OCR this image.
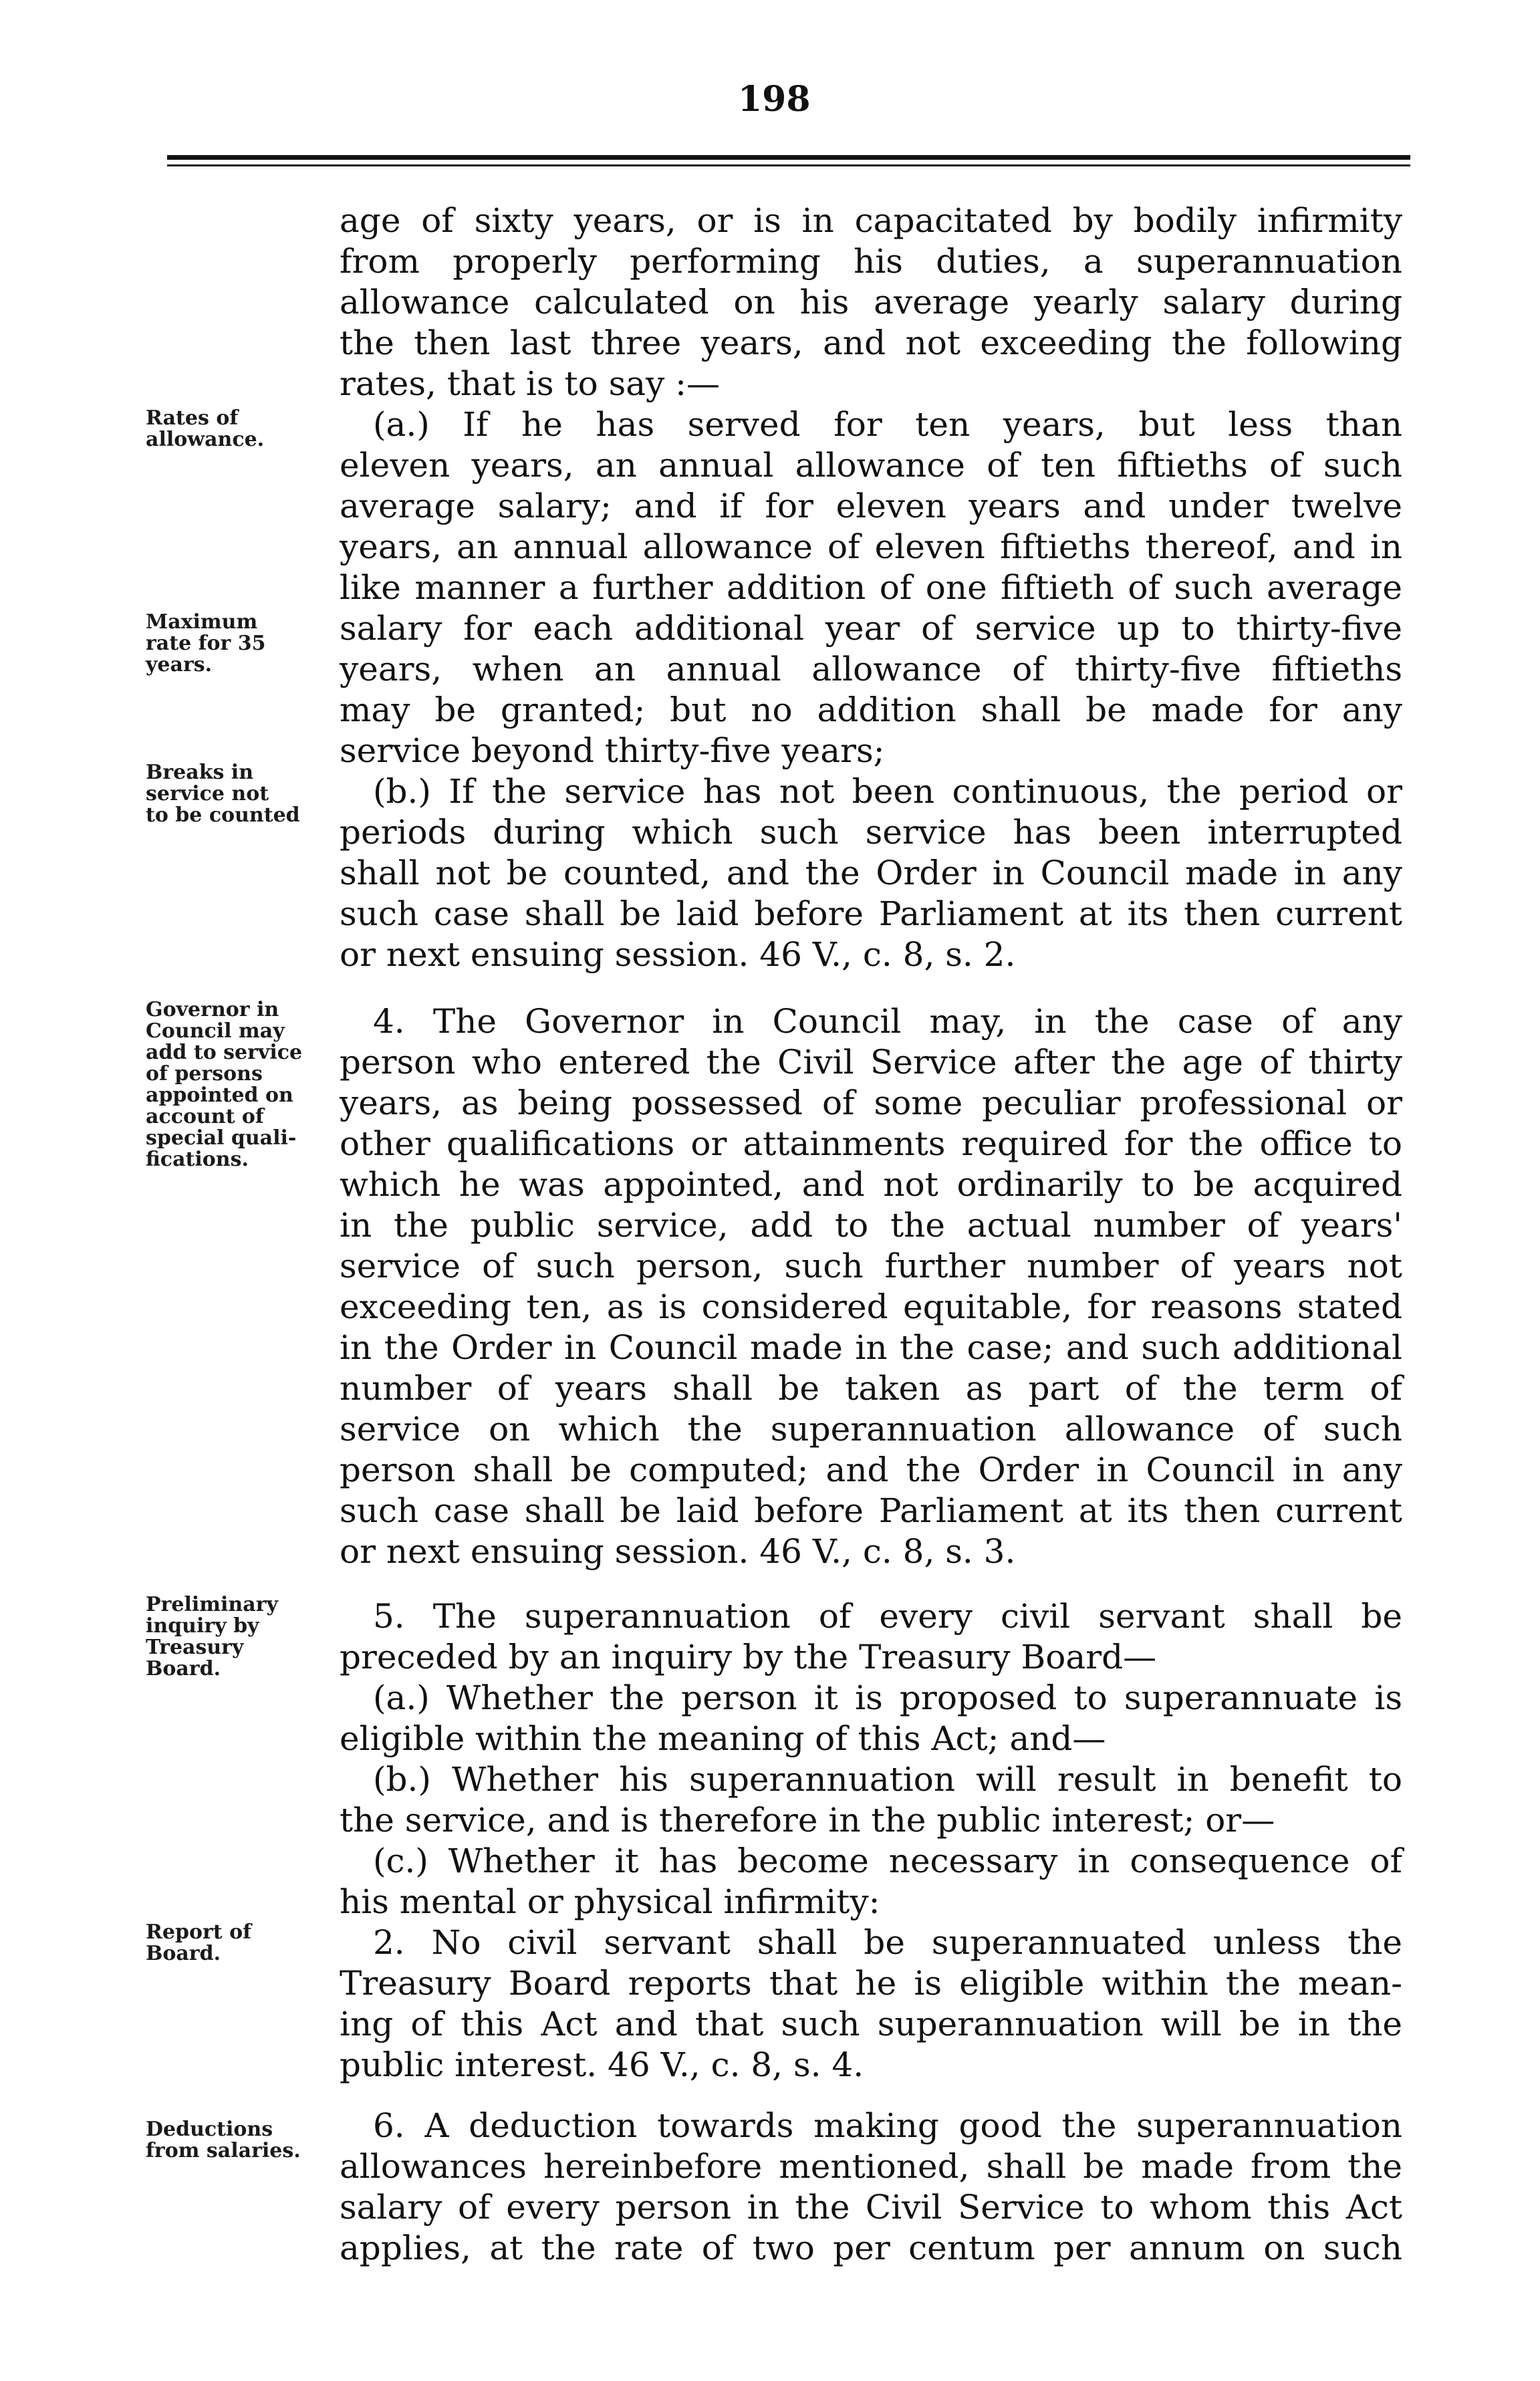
198
age of sixty years, or is in capacitated by bodily infirmity
from properly performing his duties, a superannuation
allowance calculated on his average yearly salary during
the then last three years, and not exceeding the following
rates, that is to say :—
(a.) If he has served for ten years, but less than
eleven years, an annual allowance of ten fiftieths of such
average salary; and if for eleven years and under twelve
years, an annual allowance of eleven fiftieths thereof, and in
like manner a further addition of one fiftieth of such average
salary for each additional year of service up to thirty-five
years, when an annual allowance of thirty-five fiftieths
may be granted; but no addition shall be made for any
service beyond thirty-five years;
(b.) If the service has not been continuous, the period or
periods during which such service has been interrupted
shall not be counted, and the Order in Council made in any
such case shall be laid before Parliament at its then current
or next ensuing session. 46 V., c. 8, s. 2.
4. The Governor in Council may, in the case of any
person who entered the Civil Service after the age of thirty
years, as being possessed of some peculiar professional or
other qualifications or attainments required for the office to
which he was appointed, and not ordinarily to be acquired
in the public service, add to the actual number of years'
service of such person, such further number of years not
exceeding ten, as is considered equitable, for reasons stated
in the Order in Council made in the case; and such additional
number of years shall be taken as part of the term of
service on which the superannuation allowance of such
person shall be computed; and the Order in Council in any
such case shall be laid before Parliament at its then current
or next ensuing session. 46 V., c. 8, s. 3.
5. The superannuation of every civil servant shall be
preceded by an inquiry by the Treasury Board—
(a.) Whether the person it is proposed to superannuate is
eligible within the meaning of this Act; and—
(b.) Whether his superannuation will result in benefit to
the service, and is therefore in the public interest; or—
(c.) Whether it has become necessary in consequence of
his mental or physical infirmity:
2. No civil servant shall be superannuated unless the
Treasury Board reports that he is eligible within the mean-
ing of this Act and that such superannuation will be in the
public interest. 46 V., c. 8, s. 4.
6. A deduction towards making good the superannuation
allowances hereinbefore mentioned, shall be made from the
salary of every person in the Civil Service to whom this Act
applies, at the rate of two per centum per annum on such
Rates of
allowance.
Maximum
rate for 35
years.
Breaks in
service not
to be counted
Governor in
Council may
add to service
of persons
appointed on
account of
special quali-
fications.
Preliminary
inquiry by
Treasury
Board.
Report of
Board.
Deductions
from salaries.
